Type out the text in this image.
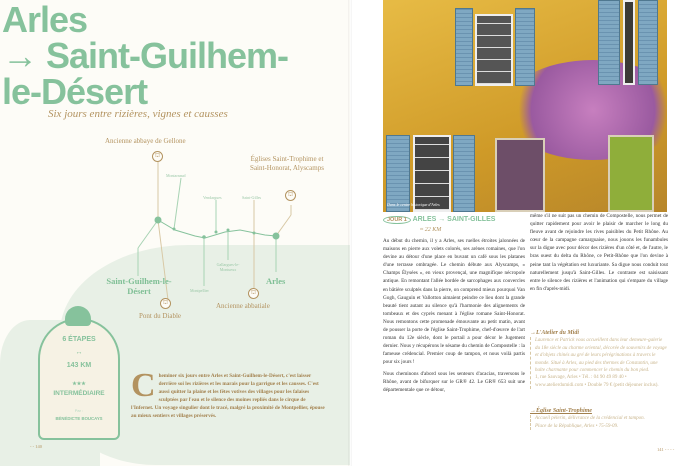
Arles
→ Saint-Guilhem-
le-Désert
Six jours entre rizières, vignes et causses
Ancienne abbaye de Gellone
⛫	Églises Saint-Trophime et Saint-Honorat, Alyscamps
⛫
Pont du Diable
⛫	Ancienne abbatiale
⛫
Montarnaud
Vendargues	Saint-Gilles
Gallargues-le-Montueux
Montpellier
Saint-Guilhem-le-Désert
Arles
6 ÉTAPES
↔
143 KM
★★★
INTERMÉDIAIRE
Par :
BÉNÉDICTE BOUCAYS
Cheminer six jours entre Arles et Saint-Guilhem-le-Désert, c'est laisser derrière soi les rizières et les marais pour la garrigue et les causses. C'est aussi quitter la plaine et les fêtes votives des villages pour les falaises sculptées par l'eau et le silence des moines repliés dans le cirque de l'Infernet. Un voyage singulier dont le tracé, malgré la proximité de Montpellier, épouse au mieux sentiers et villages préservés.
- - 140
Dans le centre historique d'Arles
JOUR 1 ARLES → SAINT-GILLES
≈ 22 KM

Au début du chemin, il y a Arles, ses ruelles étroites jalonnées de maisons en pierre aux volets colorés, ses arènes romaines, que l'on devine au détour d'une place en buvant un café sous les platanes d'une terrasse ombragée. Le chemin débute aux Alyscamps, « Champs Élysées », en vieux provençal, une magnifique nécropole antique. En remontant l'allée bordée de sarcophages aux couvercles en bâtière sculptés dans la pierre, on comprend mieux pourquoi Van Gogh, Gauguin et Vallotton aimaient peindre ce lieu dont la grande beauté tient autant au silence qu'à l'harmonie des alignements de tombeaux et des cyprès menant à l'église romane Saint-Honorat. Nous remontons cette promenade émouvante au petit matin, avant de pousser la porte de l'église Saint-Trophime, chef-d'œuvre de l'art roman du 12e siècle, dont le portail a pour décor le Jugement dernier. Nous y récupérons le sésame du chemin de Compostelle : la fameuse crédencial. Premier coup de tampon, et nous voilà partis pour six jours !

Nous cheminons d'abord sous les senteurs d'acacias, traversons le Rhône, avant de bifurquer sur le GR® 42. Le GR® 653 suit une départementale que ce détour,

même s'il ne suit pas un chemin de Compostelle, nous permet de quitter rapidement pour avoir le plaisir de marcher le long du fleuve avant de rejoindre les rives paisibles du Petit Rhône. Au cœur de la campagne camarguaise, nous jouons les funambules sur la digue avec pour décor des rizières d'un côté et, de l'autre, le bras ouest du delta du Rhône, ce Petit-Rhône que l'on devine à peine tant la végétation est luxuriante. Sa digue nous conduit tout naturellement jusqu'à Saint-Gilles. Le contraste est saisissant entre le silence des rizières et l'animation qui s'empare du village en fin d'après-midi.

→L'Atelier du Midi
Laurence et Patrick vous accueillent dans leur demeure-galerie du 18e siècle au charme oriental, décorée de souvenirs de voyage et d'objets chinés au gré de leurs pérégrinations à travers le monde. Situé à Arles, au pied des thermes de Constantin, une halte charmante pour commencer le chemin du bon pied.
1, rue Sauvage, Arles • Tél. : 04 90 49 89 40 • www.atelierdumidi.com • Double 79 € (petit déjeuner inclus).
→Église Saint-Trophime
Accueil pèlerin, délivrance de la crédencial et tampon.
Place de la République, Arles • 75-59-09.
141 - - - -
